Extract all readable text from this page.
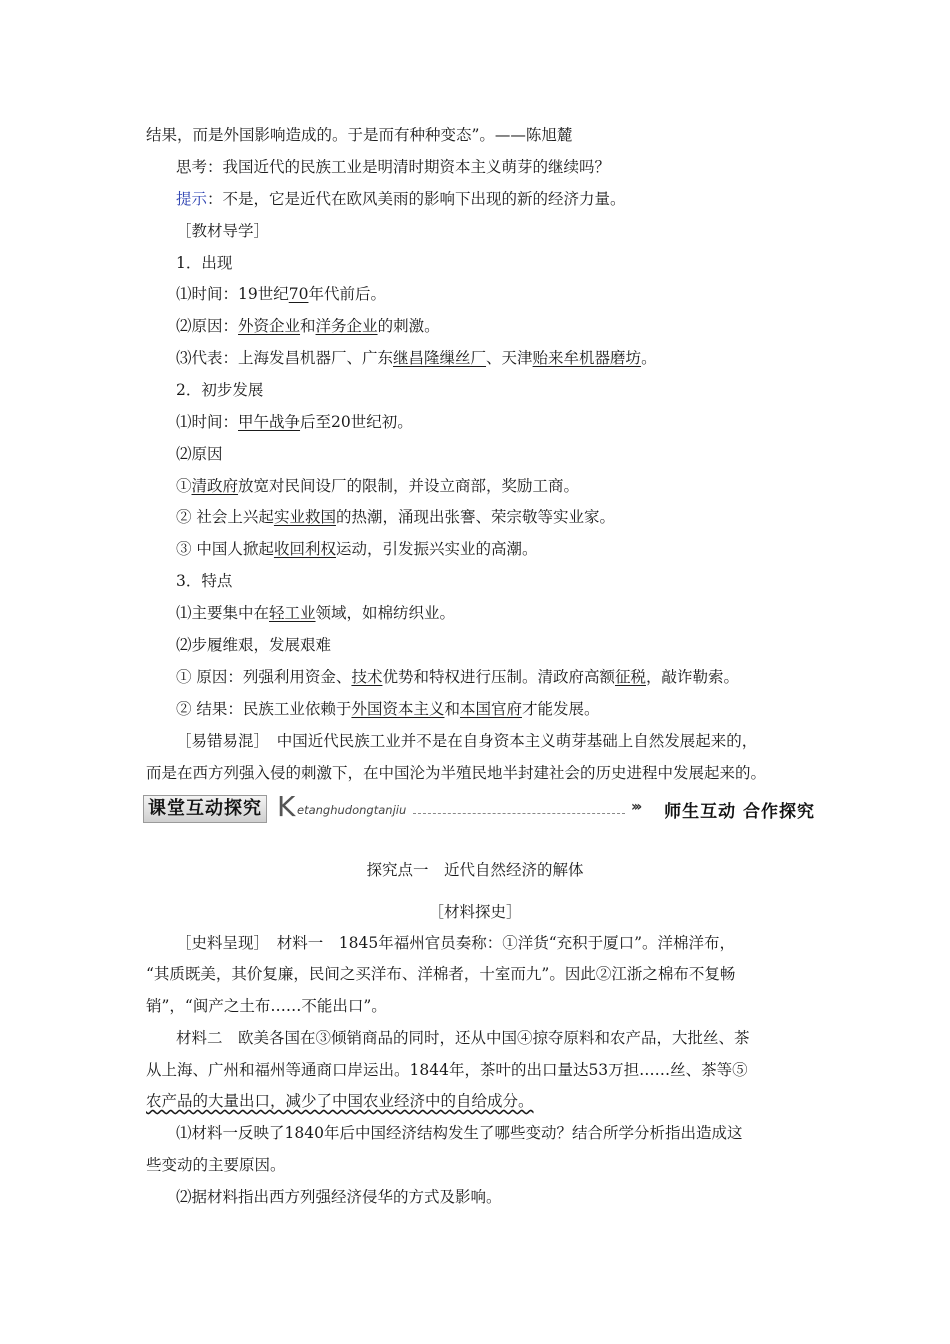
结果，而是外国影响造成的。于是而有种种变态”。——陈旭麓
思考：我国近代的民族工业是明清时期资本主义萌芽的继续吗？
提示：不是，它是近代在欧风美雨的影响下出现的新的经济力量。
［教材导学］
1．出现
⑴时间：19世纪70年代前后。
⑵原因：外资企业和洋务企业的刺激。
⑶代表：上海发昌机器厂、广东继昌隆缫丝厂、天津贻来牟机器磨坊。
2．初步发展
⑴时间：甲午战争后至20世纪初。
⑵原因
①清政府放宽对民间设厂的限制，并设立商部，奖励工商。
② 社会上兴起实业救国的热潮，涌现出张謇、荣宗敬等实业家。
③ 中国人掀起收回利权运动，引发振兴实业的高潮。
3．特点
⑴主要集中在轻工业领域，如棉纺织业。
⑵步履维艰，发展艰难
① 原因：列强利用资金、技术优势和特权进行压制。清政府高额征税，敲诈勒索。
② 结果：民族工业依赖于外国资本主义和本国官府才能发展。
［易错易混］　中国近代民族工业并不是在自身资本主义萌芽基础上自然发展起来的，
而是在西方列强入侵的刺激下，在中国沦为半殖民地半封建社会的历史进程中发展起来的。
课堂互动探究 K etanghudongtanjiu	››› 师生互动 合作探究
探究点一　近代自然经济的解体
［材料探史］
［史料呈现］　材料一　1845年福州官员奏称：①洋货“充积于厦口”。洋棉洋布，
“其质既美，其价复廉，民间之买洋布、洋棉者，十室而九”。因此②江浙之棉布不复畅
销”，“闽产之土布……不能出口”。
材料二　欧美各国在③倾销商品的同时，还从中国④掠夺原料和农产品，大批丝、茶
从上海、广州和福州等通商口岸运出。1844年，茶叶的出口量达53万担……丝、茶等⑤
农产品的大量出口，减少了中国农业经济中的自给成分。
⑴材料一反映了1840年后中国经济结构发生了哪些变动？结合所学分析指出造成这
些变动的主要原因。
⑵据材料指出西方列强经济侵华的方式及影响。
